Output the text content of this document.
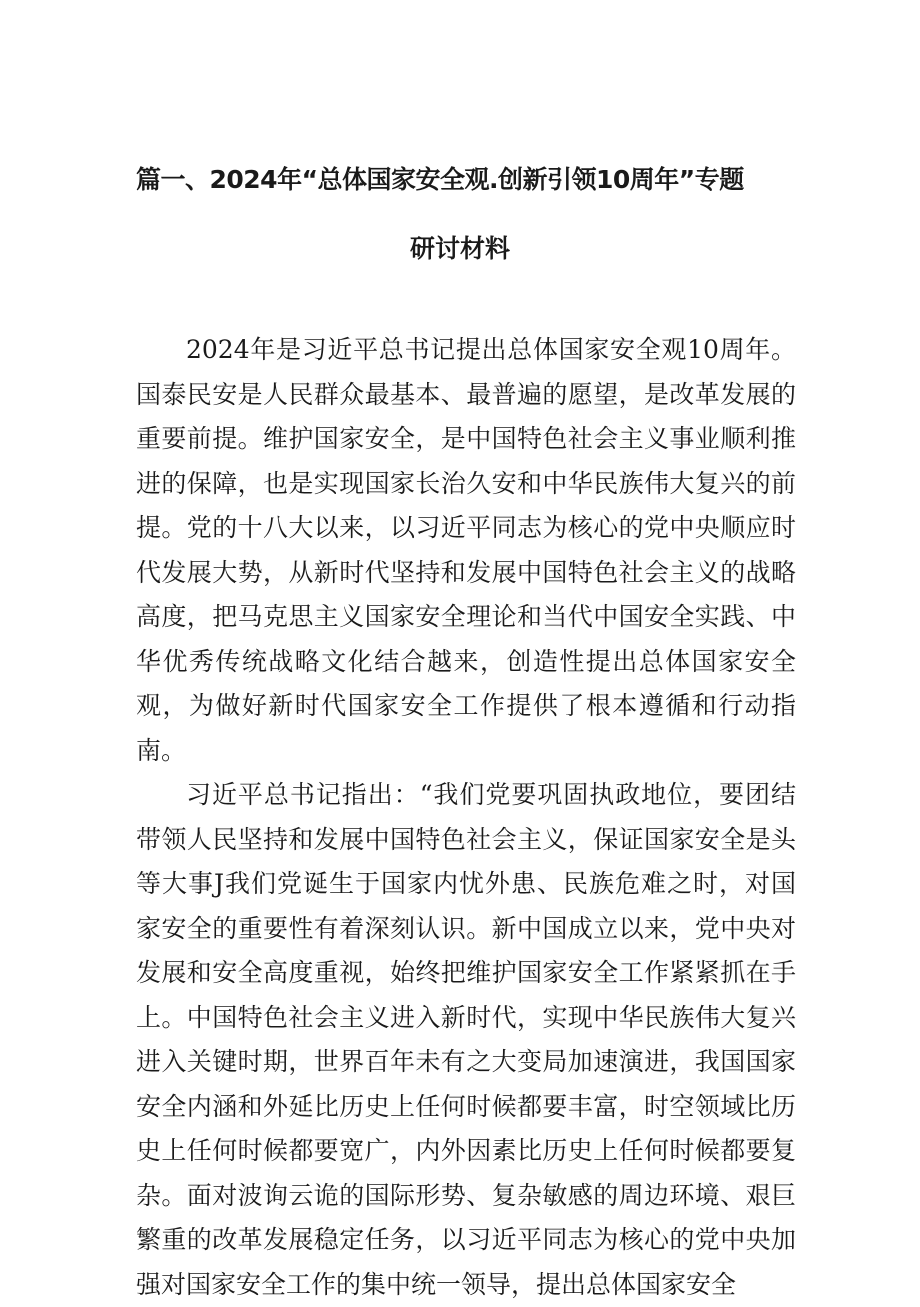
篇一、2024年“总体国家安全观.创新引领10周年”专题
研讨材料

2024年是习近平总书记提出总体国家安全观10周年。国泰民安是人民群众最基本、最普遍的愿望，是改革发展的重要前提。维护国家安全，是中国特色社会主义事业顺利推进的保障，也是实现国家长治久安和中华民族伟大复兴的前提。党的十八大以来，以习近平同志为核心的党中央顺应时代发展大势，从新时代坚持和发展中国特色社会主义的战略高度，把马克思主义国家安全理论和当代中国安全实践、中华优秀传统战略文化结合越来，创造性提出总体国家安全观，为做好新时代国家安全工作提供了根本遵循和行动指南。

习近平总书记指出：“我们党要巩固执政地位，要团结带领人民坚持和发展中国特色社会主义，保证国家安全是头等大事J我们党诞生于国家内忧外患、民族危难之时，对国家安全的重要性有着深刻认识。新中国成立以来，党中央对发展和安全高度重视，始终把维护国家安全工作紧紧抓在手上。中国特色社会主义进入新时代，实现中华民族伟大复兴进入关键时期，世界百年未有之大变局加速演进，我国国家安全内涵和外延比历史上任何时候都要丰富，时空领域比历史上任何时候都要宽广，内外因素比历史上任何时候都要复杂。面对波询云诡的国际形势、复杂敏感的周边环境、艰巨繁重的改革发展稳定任务，以习近平同志为核心的党中央加强对国家安全工作的集中统一领导，提出总体国家安全
